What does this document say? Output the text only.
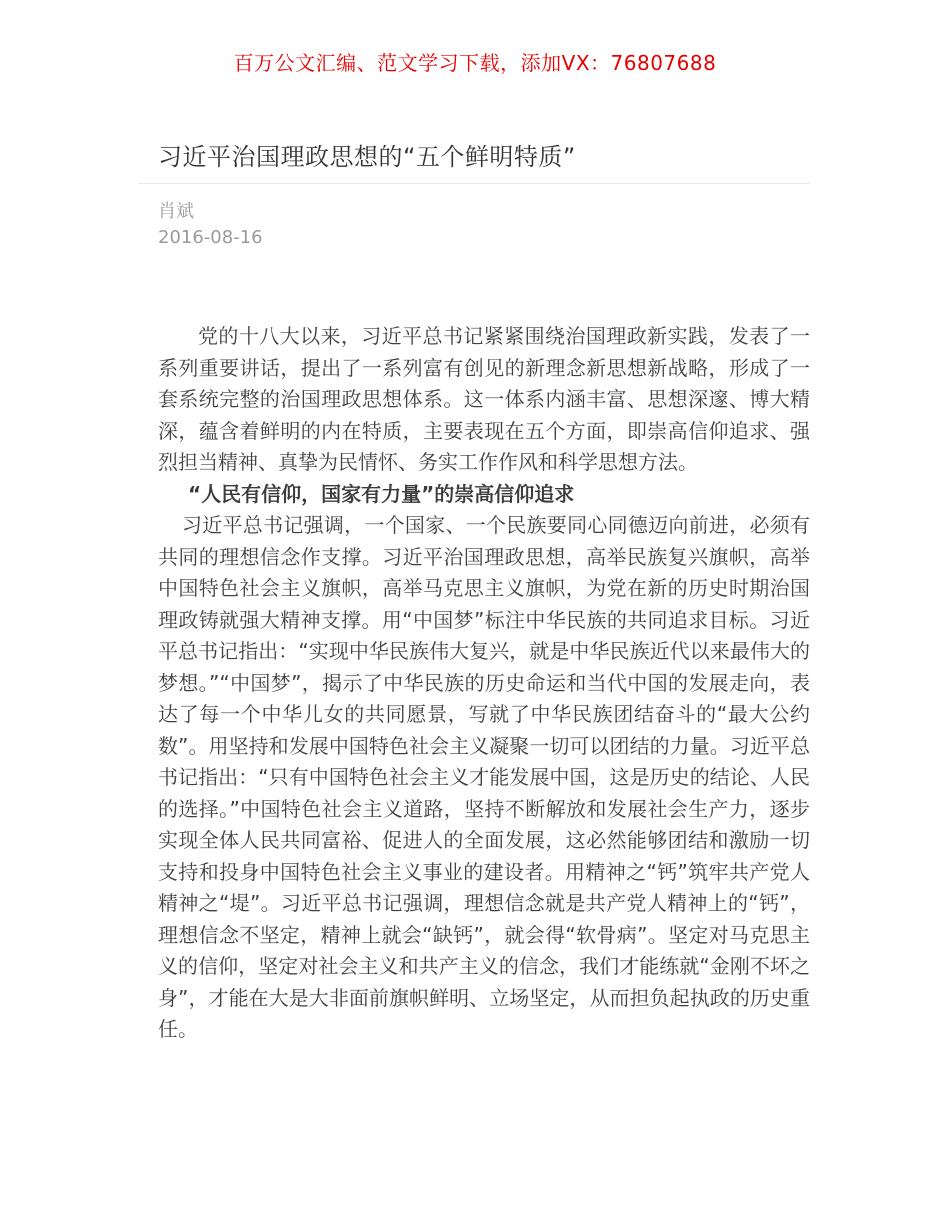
百万公文汇编、范文学习下载，添加VX：76807688
习近平治国理政思想的“五个鲜明特质”
肖斌
2016-08-16

党的十八大以来，习近平总书记紧紧围绕治国理政新实践，发表了一系列重要讲话，提出了一系列富有创见的新理念新思想新战略，形成了一套系统完整的治国理政思想体系。这一体系内涵丰富、思想深邃、博大精深，蕴含着鲜明的内在特质，主要表现在五个方面，即崇高信仰追求、强烈担当精神、真挚为民情怀、务实工作作风和科学思想方法。

“人民有信仰，国家有力量”的崇高信仰追求

习近平总书记强调，一个国家、一个民族要同心同德迈向前进，必须有共同的理想信念作支撑。习近平治国理政思想，高举民族复兴旗帜，高举中国特色社会主义旗帜，高举马克思主义旗帜，为党在新的历史时期治国理政铸就强大精神支撑。用“中国梦”标注中华民族的共同追求目标。习近平总书记指出：“实现中华民族伟大复兴，就是中华民族近代以来最伟大的梦想。”“中国梦”，揭示了中华民族的历史命运和当代中国的发展走向，表达了每一个中华儿女的共同愿景，写就了中华民族团结奋斗的“最大公约数”。用坚持和发展中国特色社会主义凝聚一切可以团结的力量。习近平总书记指出：“只有中国特色社会主义才能发展中国，这是历史的结论、人民的选择。”中国特色社会主义道路，坚持不断解放和发展社会生产力，逐步实现全体人民共同富裕、促进人的全面发展，这必然能够团结和激励一切支持和投身中国特色社会主义事业的建设者。用精神之“钙”筑牢共产党人精神之“堤”。习近平总书记强调，理想信念就是共产党人精神上的“钙”，理想信念不坚定，精神上就会“缺钙”，就会得“软骨病”。坚定对马克思主义的信仰，坚定对社会主义和共产主义的信念，我们才能练就“金刚不坏之身”，才能在大是大非面前旗帜鲜明、立场坚定，从而担负起执政的历史重任。
